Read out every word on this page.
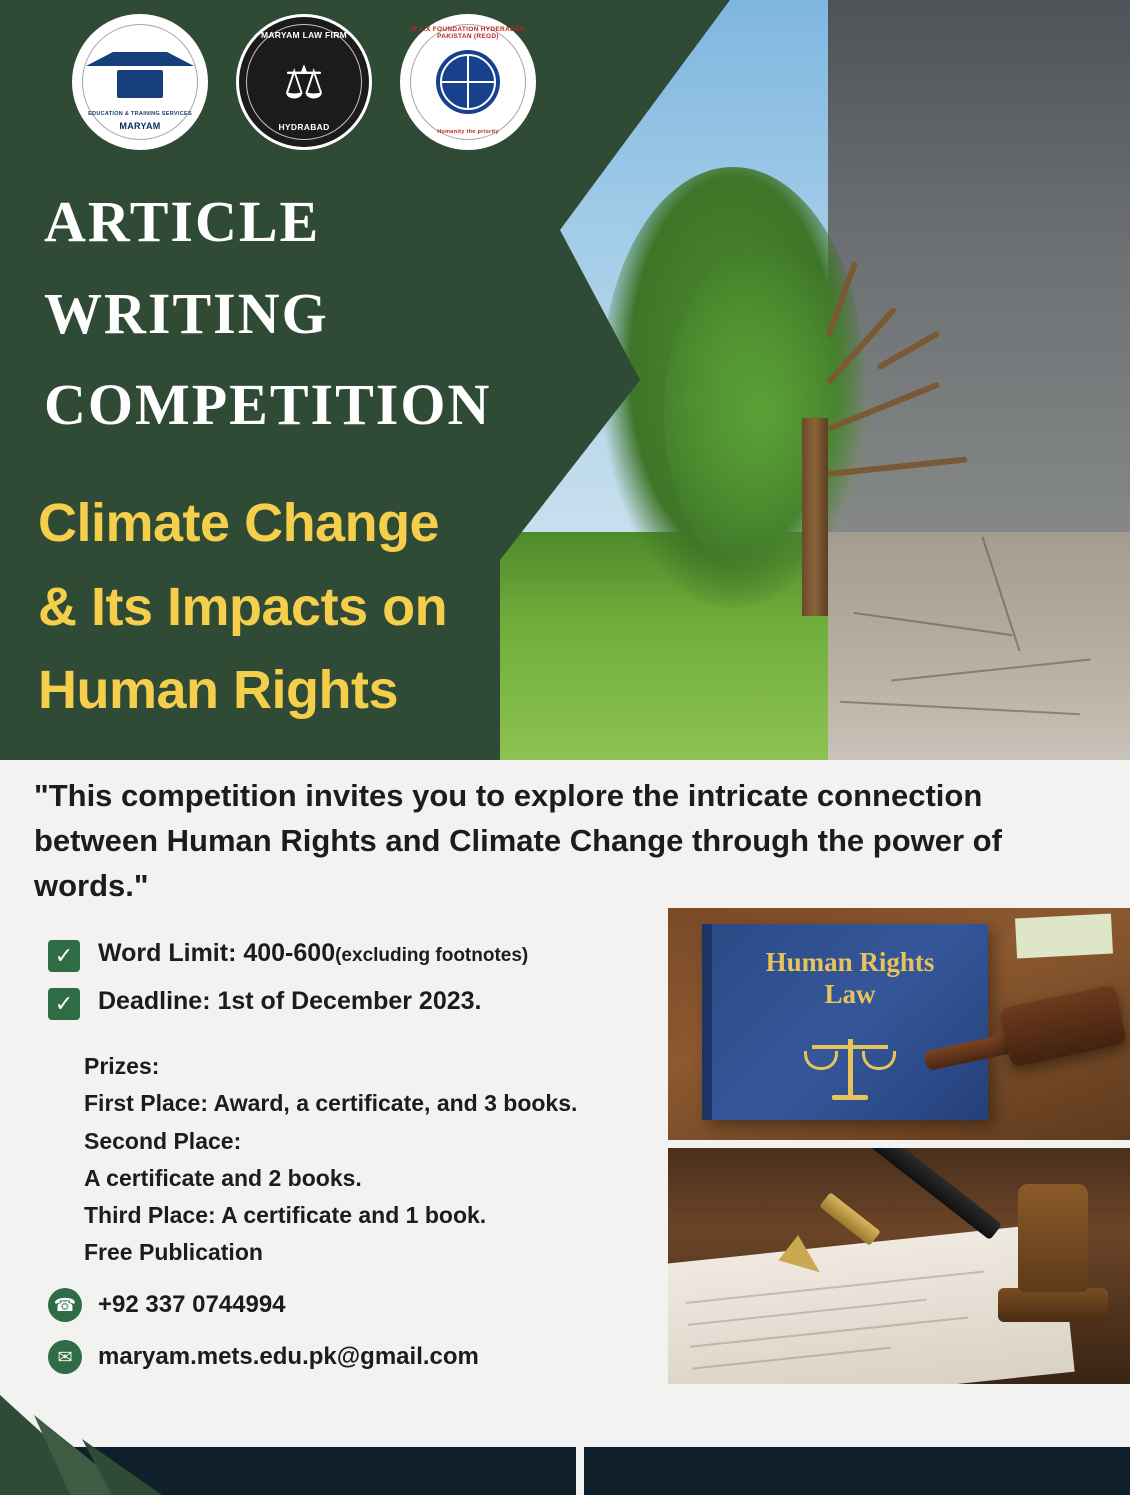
EDUCATION & TRAINING SERVICES
MARYAM
MARYAM LAW FIRM
⚖
HYDRABAD
M.A.X FOUNDATION HYDERABAD PAKISTAN (REGD)
Humanity the priority
ARTICLE
WRITING
COMPETITION
Climate Change
& Its Impacts on
Human Rights
"This competition invites you to explore the intricate connection between Human Rights and Climate Change through the power of words."
✓ Word Limit: 400-600(excluding footnotes)
✓ Deadline: 1st of December 2023.
Prizes:
First Place: Award, a certificate, and 3 books.
Second Place:
A certificate and 2 books.
Third Place: A certificate and 1 book.
Free Publication
☎ +92 337 0744994
✉	maryam.mets.edu.pk@gmail.com
Human Rights
Law
